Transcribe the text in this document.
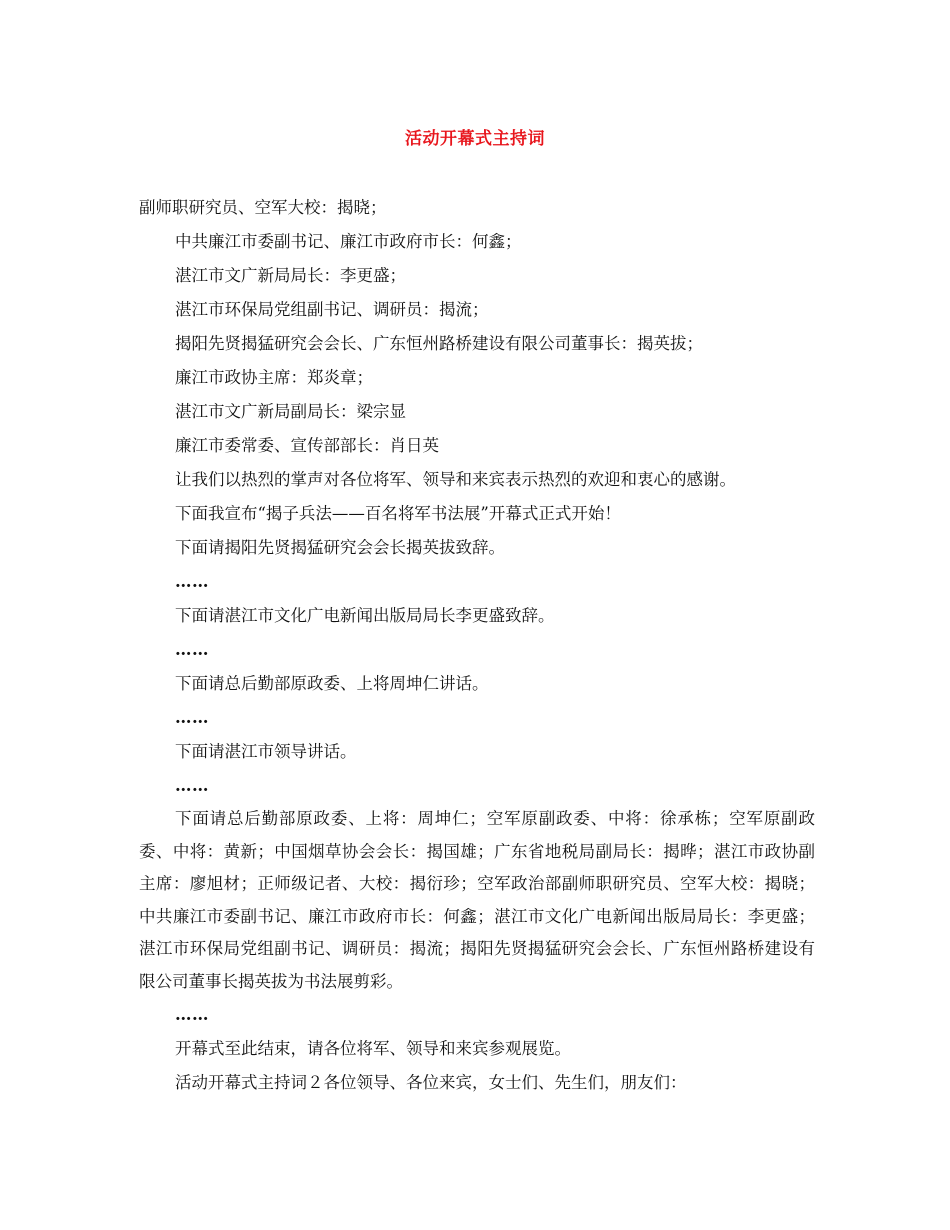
活动开幕式主持词

副师职研究员、空军大校：揭晓；

中共廉江市委副书记、廉江市政府市长：何鑫；

湛江市文广新局局长：李更盛；

湛江市环保局党组副书记、调研员：揭流；

揭阳先贤揭猛研究会会长、广东恒州路桥建设有限公司董事长：揭英拔；

廉江市政协主席：郑炎章；

湛江市文广新局副局长：梁宗显

廉江市委常委、宣传部部长：肖日英

让我们以热烈的掌声对各位将军、领导和来宾表示热烈的欢迎和衷心的感谢。

下面我宣布“揭子兵法——百名将军书法展”开幕式正式开始！

下面请揭阳先贤揭猛研究会会长揭英拔致辞。

……

下面请湛江市文化广电新闻出版局局长李更盛致辞。

……

下面请总后勤部原政委、上将周坤仁讲话。

……

下面请湛江市领导讲话。

……

下面请总后勤部原政委、上将：周坤仁；空军原副政委、中将：徐承栋；空军原副政委、中将：黄新；中国烟草协会会长：揭国雄；广东省地税局副局长：揭晔；湛江市政协副主席：廖旭材；正师级记者、大校：揭衍珍；空军政治部副师职研究员、空军大校：揭晓；中共廉江市委副书记、廉江市政府市长：何鑫；湛江市文化广电新闻出版局局长：李更盛；湛江市环保局党组副书记、调研员：揭流；揭阳先贤揭猛研究会会长、广东恒州路桥建设有限公司董事长揭英拔为书法展剪彩。

……

开幕式至此结束，请各位将军、领导和来宾参观展览。

活动开幕式主持词２各位领导、各位来宾，女士们、先生们，朋友们：
